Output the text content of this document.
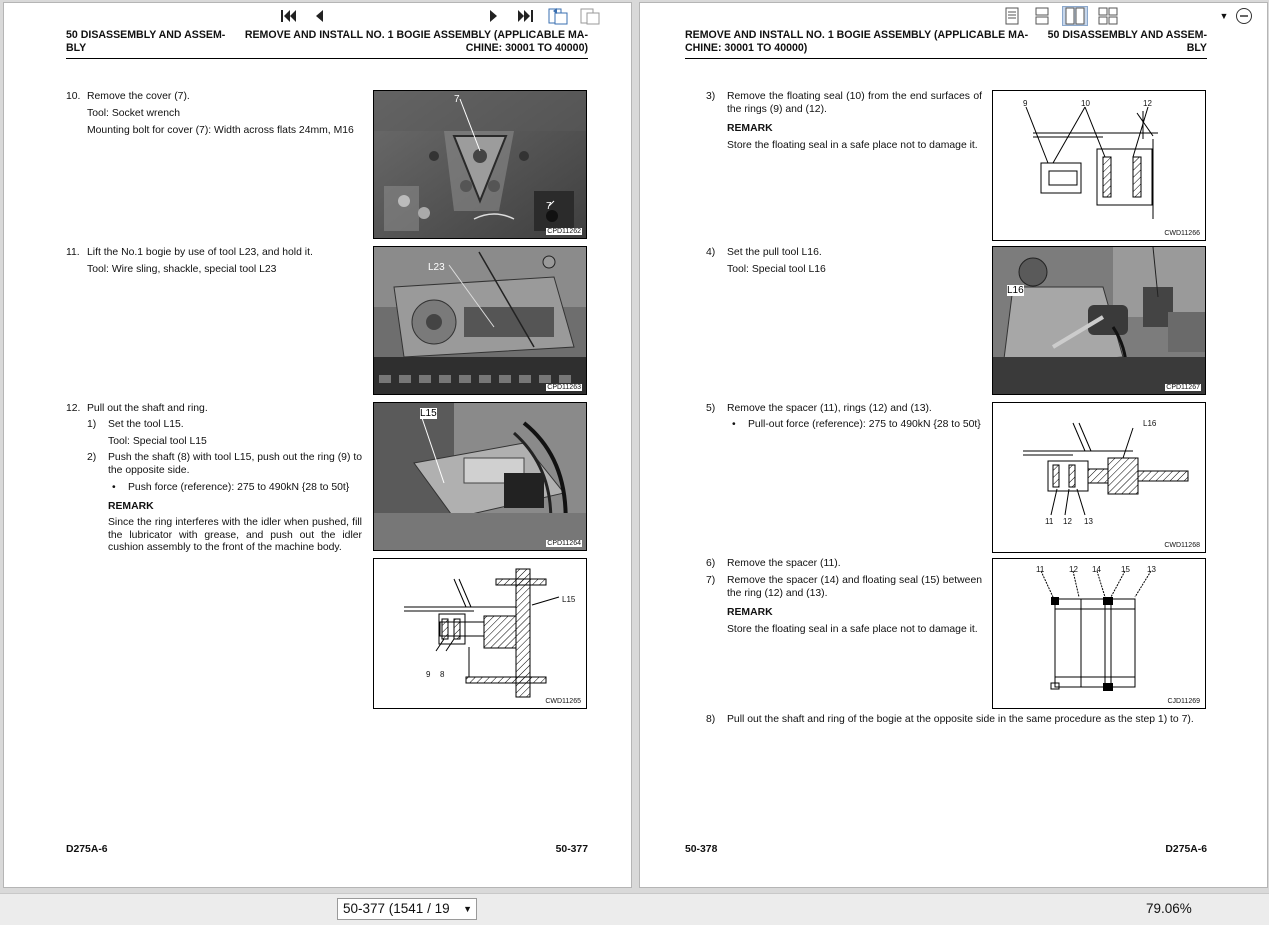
50 DISASSEMBLY AND ASSEM-
BLY
REMOVE AND INSTALL NO. 1 BOGIE ASSEMBLY (APPLICABLE MA-
CHINE: 30001 TO 40000)
10. Remove the cover (7).
Tool: Socket wrench
Mounting bolt for cover (7): Width across flats 24mm, M16
11. Lift the No.1 bogie by use of tool L23, and hold it.
Tool: Wire sling, shackle, special tool L23
12. Pull out the shaft and ring.
1) Set the tool L15.
Tool: Special tool L15
2) Push the shaft (8) with tool L15, push out the ring (9) to the opposite side.
• Push force (reference): 275 to 490kN {28 to 50t}
REMARK
Since the ring interferes with the idler when pushed, fill the lubricator with grease, and push out the idler cushion assembly to the front of the machine body.
7
7
CPD11262
L23
CPD11263
L15
CPD11264
L15
9 8
CWD11265
D275A-6	50-377
REMOVE AND INSTALL NO. 1 BOGIE ASSEMBLY (APPLICABLE MA-
CHINE: 30001 TO 40000)
50 DISASSEMBLY AND ASSEM-
BLY
3) Remove the floating seal (10) from the end surfaces of the rings (9) and (12).
REMARK
Store the floating seal in a safe place not to damage it.
4) Set the pull tool L16.
Tool: Special tool L16
5) Remove the spacer (11), rings (12) and (13).
• Pull-out force (reference): 275 to 490kN {28 to 50t}
6) Remove the spacer (11).
7) Remove the spacer (14) and floating seal (15) between the ring (12) and (13).
REMARK
Store the floating seal in a safe place not to damage it.
8) Pull out the shaft and ring of the bogie at the opposite side in the same procedure as the step 1) to 7).
9	10	12
CWD11266
L16
CPD11267
L16
11 12 13
CWD11268
11	12 14	15 13
CJD11269
50-378	D275A-6
50-377 (1541 / 19 ▼	79.06%
▼
